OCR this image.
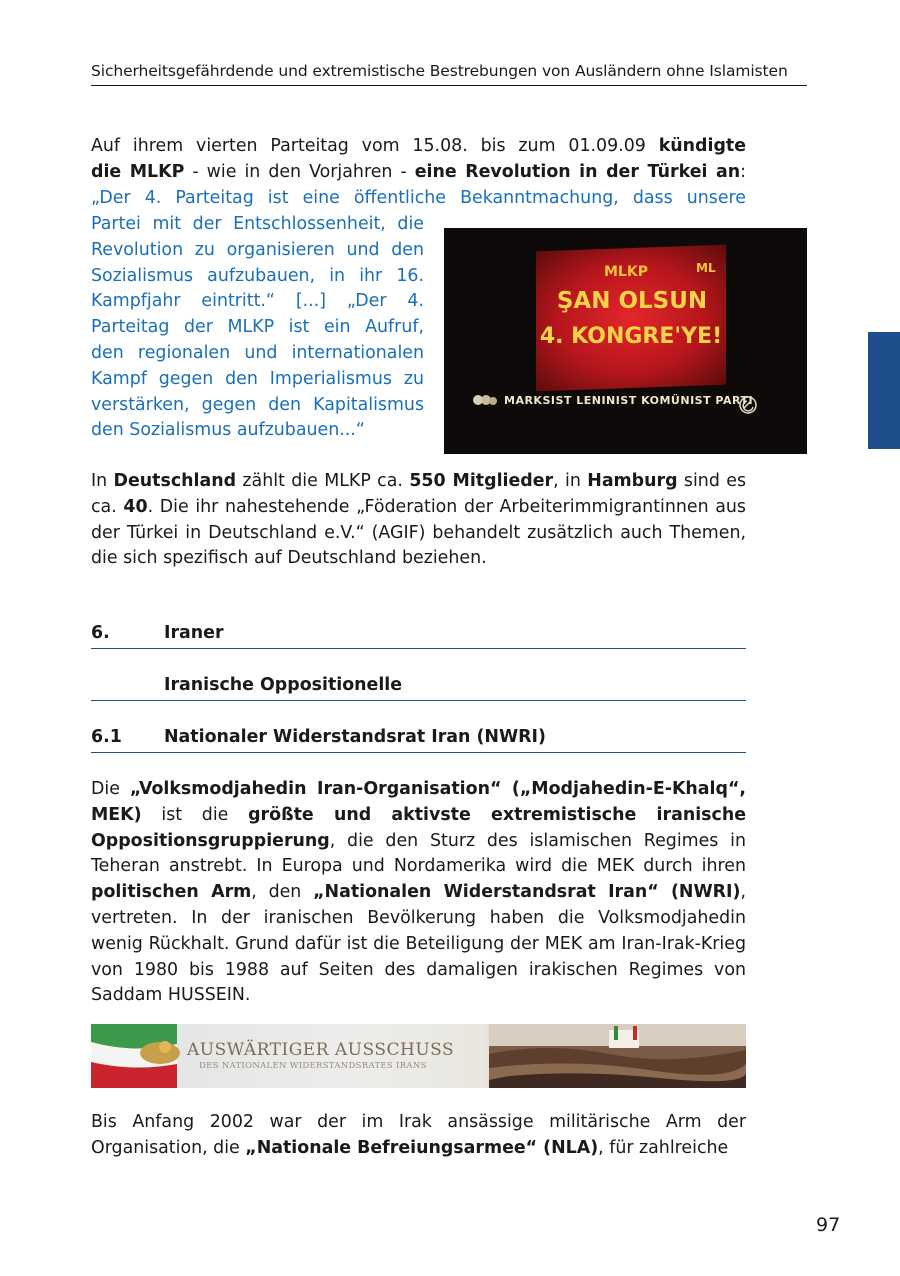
Sicherheitsgefährdende und extremistische Bestrebungen von Ausländern ohne Islamisten
Auf ihrem vierten Parteitag vom 15.08. bis zum 01.09.09 kündigte
die MLKP - wie in den Vorjahren - eine Revolution in der Türkei an:
„Der 4. Parteitag ist eine öffentliche Bekanntmachung, dass unsere
Partei mit der Entschlossenheit, die
Revolution zu organisieren und den
Sozialismus aufzubauen, in ihr 16.
Kampfjahr eintritt.“ [...] „Der 4.
Parteitag der MLKP ist ein Aufruf,
den regionalen und internationalen
Kampf gegen den Imperialismus zu
verstärken, gegen den Kapitalismus
den Sozialismus aufzubauen...“
MLKP	ML
ŞAN OLSUN
4. KONGRE'YE!
MARKSIST LENINIST KOMÜNIST PARTI
In Deutschland zählt die MLKP ca. 550 Mitglieder, in Hamburg sind es ca. 40. Die ihr nahestehende „Föderation der Arbeiterimmigrantinnen aus der Türkei in Deutschland e.V.“ (AGIF) behandelt zusätzlich auch Themen, die sich spezifisch auf Deutschland beziehen.
6.	Iraner
Iranische Oppositionelle
6.1 Nationaler Widerstandsrat Iran (NWRI)
Die „Volksmodjahedin Iran-Organisation“ („Modjahedin-E-Khalq“, MEK) ist die größte und aktivste extremistische iranische Oppositionsgruppierung, die den Sturz des islamischen Regimes in Teheran anstrebt. In Europa und Nordamerika wird die MEK durch ihren politischen Arm, den „Nationalen Widerstandsrat Iran“ (NWRI), vertreten. In der iranischen Bevölkerung haben die Volksmodjahedin wenig Rückhalt. Grund dafür ist die Beteiligung der MEK am Iran-Irak-Krieg von 1980 bis 1988 auf Seiten des damaligen irakischen Regimes von Saddam HUSSEIN.
AUSWÄRTIGER AUSSCHUSS
DES NATIONALEN WIDERSTANDSRATES IRANS
Bis Anfang 2002 war der im Irak ansässige militärische Arm der Organisation, die „Nationale Befreiungsarmee“ (NLA), für zahlreiche
97
